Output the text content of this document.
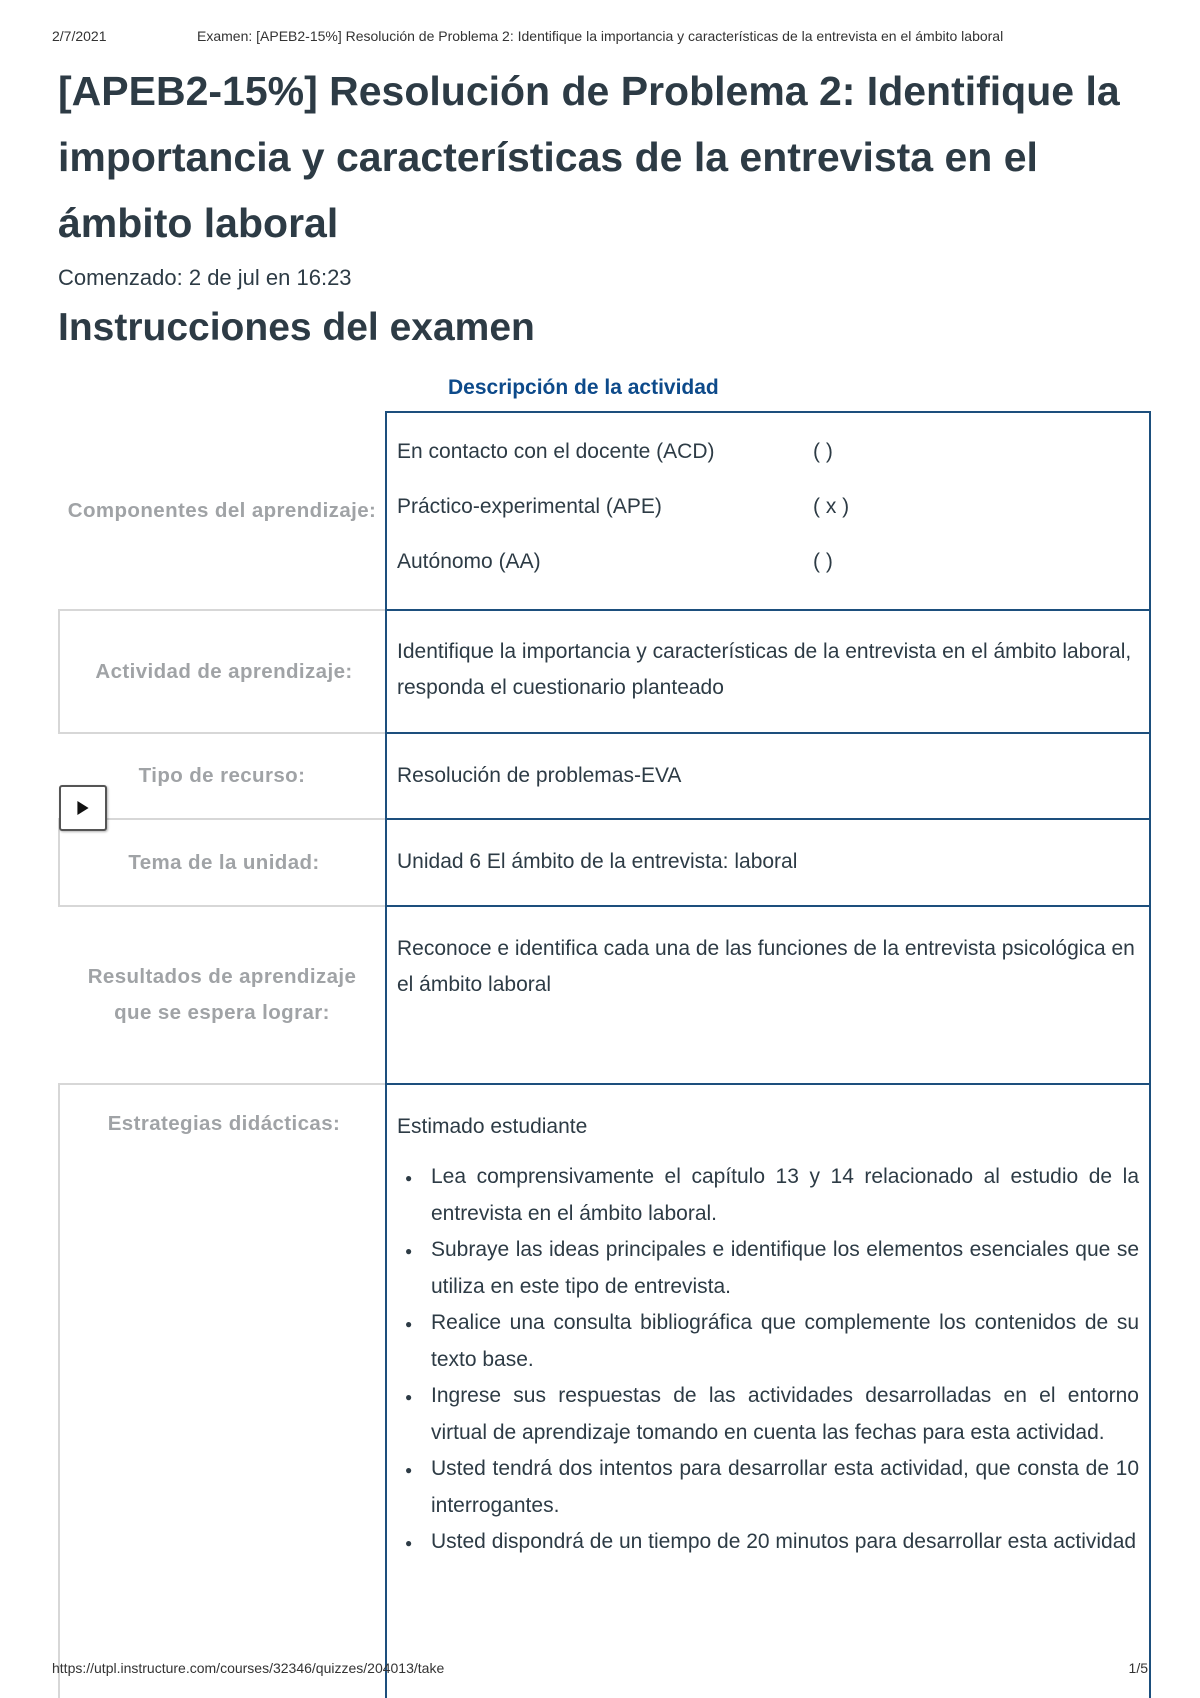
2/7/2021	Examen: [APEB2-15%] Resolución de Problema 2: Identifique la importancia y características de la entrevista en el ámbito laboral
[APEB2-15%] Resolución de Problema 2: Identifique la importancia y características de la entrevista en el ámbito laboral
Comenzado: 2 de jul en 16:23
Instrucciones del examen
Descripción de la actividad
Componentes del aprendizaje:
En contacto con el docente (ACD)	( )
Práctico-experimental (APE)	( x )
Autónomo (AA)	( )
Actividad de aprendizaje:
Identifique la importancia y características de la entrevista en el ámbito laboral, responda el cuestionario planteado
Tipo de recurso:	Resolución de problemas-EVA
Tema de la unidad:	Unidad 6 El ámbito de la entrevista: laboral
Resultados de aprendizaje que se espera lograr:
Reconoce e identifica cada una de las funciones de la entrevista psicológica en el ámbito laboral
Estrategias didácticas:	Estimado estudiante
● Lea comprensivamente el capítulo 13 y 14 relacionado al estudio de la entrevista en el ámbito laboral.
● Subraye las ideas principales e identifique los elementos esenciales que se utiliza en este tipo de entrevista.
● Realice una consulta bibliográfica que complemente los contenidos de su texto base.
● Ingrese sus respuestas de las actividades desarrolladas en el entorno virtual de aprendizaje tomando en cuenta las fechas para esta actividad.
● Usted tendrá dos intentos para desarrollar esta actividad, que consta de 10 interrogantes.
● Usted dispondrá de un tiempo de 20 minutos para desarrollar esta actividad
https://utpl.instructure.com/courses/32346/quizzes/204013/take	1/5
